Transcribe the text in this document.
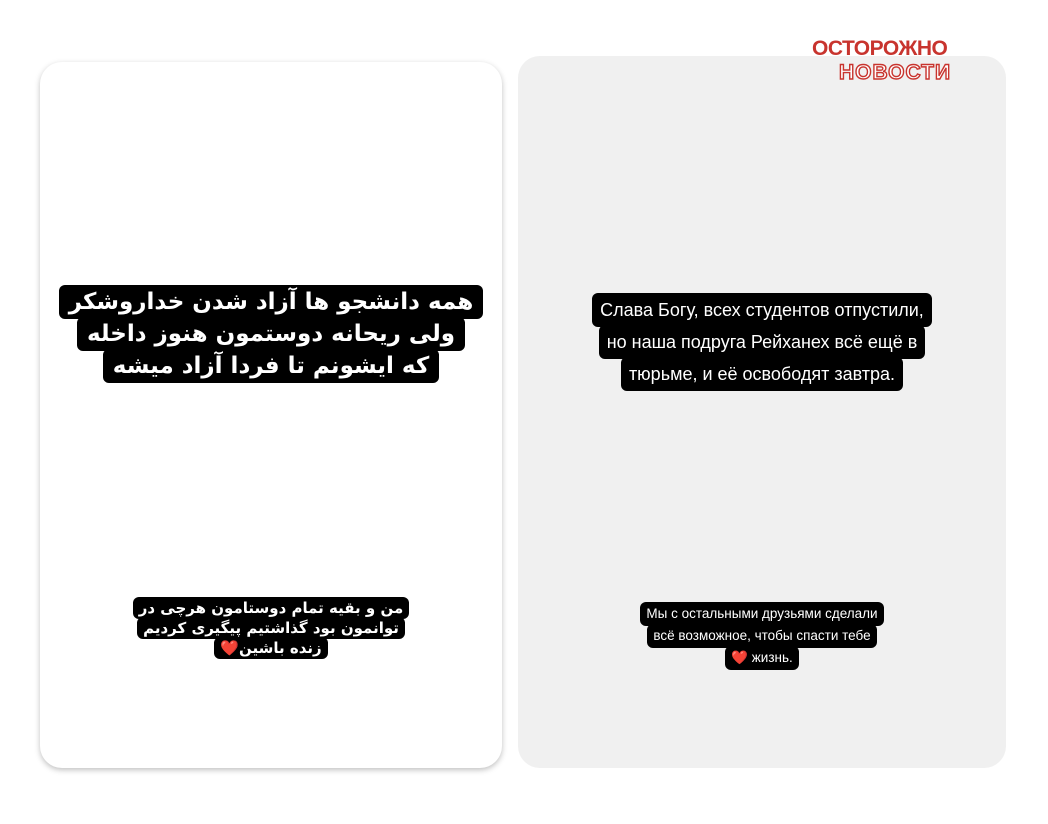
همه دانشجو ها آزاد شدن خداروشکر
ولی ریحانه دوستمون هنوز داخله
که ایشونم تا فردا آزاد میشه
من و بقیه تمام دوستامون هرچی در
توانمون بود گذاشتیم پیگیری کردیم
زنده باشین❤️
Слава Богу, всех студентов отпустили,
но наша подруга Рейханех всё ещё в
тюрьме, и её освободят завтра.
Мы с остальными друзьями сделали
всё возможное, чтобы спасти тебе
❤️ жизнь.
ОСТОРОЖНО
НОВОСТИ
